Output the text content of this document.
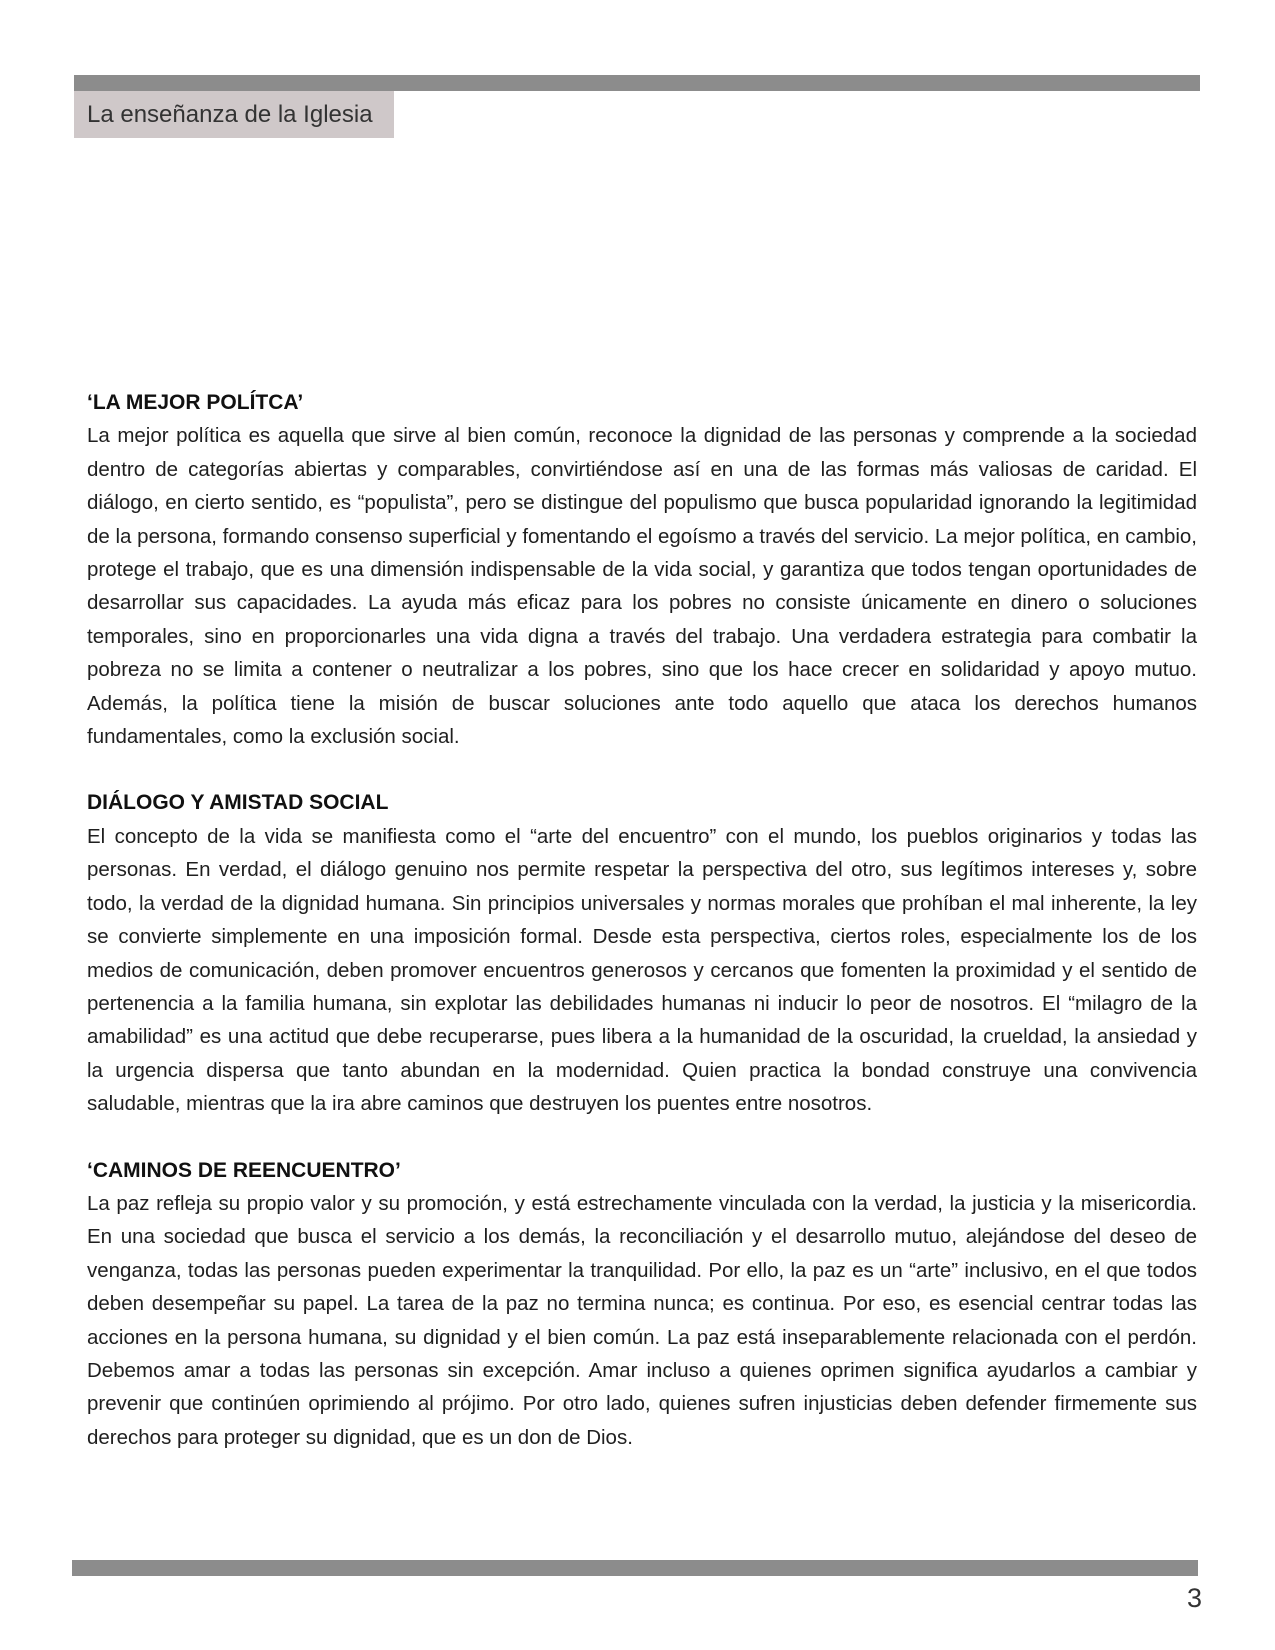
La enseñanza de la Iglesia

‘LA MEJOR POLÍTCA’

La mejor política es aquella que sirve al bien común, reconoce la dignidad de las personas y comprende a la sociedad dentro de categorías abiertas y comparables, convirtiéndose así en una de las formas más valiosas de caridad. El diálogo, en cierto sentido, es “populista”, pero se distingue del populismo que busca popularidad ignorando la legitimidad de la persona, formando consenso superficial y fomentando el egoísmo a través del servicio. La mejor política, en cambio, protege el trabajo, que es una dimensión indispensable de la vida social, y garantiza que todos tengan oportunidades de desarrollar sus capacidades. La ayuda más eficaz para los pobres no consiste únicamente en dinero o soluciones temporales, sino en proporcionarles una vida digna a través del trabajo. Una verdadera estrategia para combatir la pobreza no se limita a contener o neutralizar a los pobres, sino que los hace crecer en solidaridad y apoyo mutuo. Además, la política tiene la misión de buscar soluciones ante todo aquello que ataca los derechos humanos fundamentales, como la exclusión social.

DIÁLOGO Y AMISTAD SOCIAL

El concepto de la vida se manifiesta como el “arte del encuentro” con el mundo, los pueblos originarios y todas las personas. En verdad, el diálogo genuino nos permite respetar la perspectiva del otro, sus legítimos intereses y, sobre todo, la verdad de la dignidad humana. Sin principios universales y normas morales que prohíban el mal inherente, la ley se convierte simplemente en una imposición formal. Desde esta perspectiva, ciertos roles, especialmente los de los medios de comunicación, deben promover encuentros generosos y cercanos que fomenten la proximidad y el sentido de pertenencia a la familia humana, sin explotar las debilidades humanas ni inducir lo peor de nosotros. El “milagro de la amabilidad” es una actitud que debe recuperarse, pues libera a la humanidad de la oscuridad, la crueldad, la ansiedad y la urgencia dispersa que tanto abundan en la modernidad. Quien practica la bondad construye una convivencia saludable, mientras que la ira abre caminos que destruyen los puentes entre nosotros.

‘CAMINOS DE REENCUENTRO’

La paz refleja su propio valor y su promoción, y está estrechamente vinculada con la verdad, la justicia y la misericordia. En una sociedad que busca el servicio a los demás, la reconciliación y el desarrollo mutuo, alejándose del deseo de venganza, todas las personas pueden experimentar la tranquilidad. Por ello, la paz es un “arte” inclusivo, en el que todos deben desempeñar su papel. La tarea de la paz no termina nunca; es continua. Por eso, es esencial centrar todas las acciones en la persona humana, su dignidad y el bien común. La paz está inseparablemente relacionada con el perdón. Debemos amar a todas las personas sin excepción. Amar incluso a quienes oprimen significa ayudarlos a cambiar y prevenir que continúen oprimiendo al prójimo. Por otro lado, quienes sufren injusticias deben defender firmemente sus derechos para proteger su dignidad, que es un don de Dios.

3
